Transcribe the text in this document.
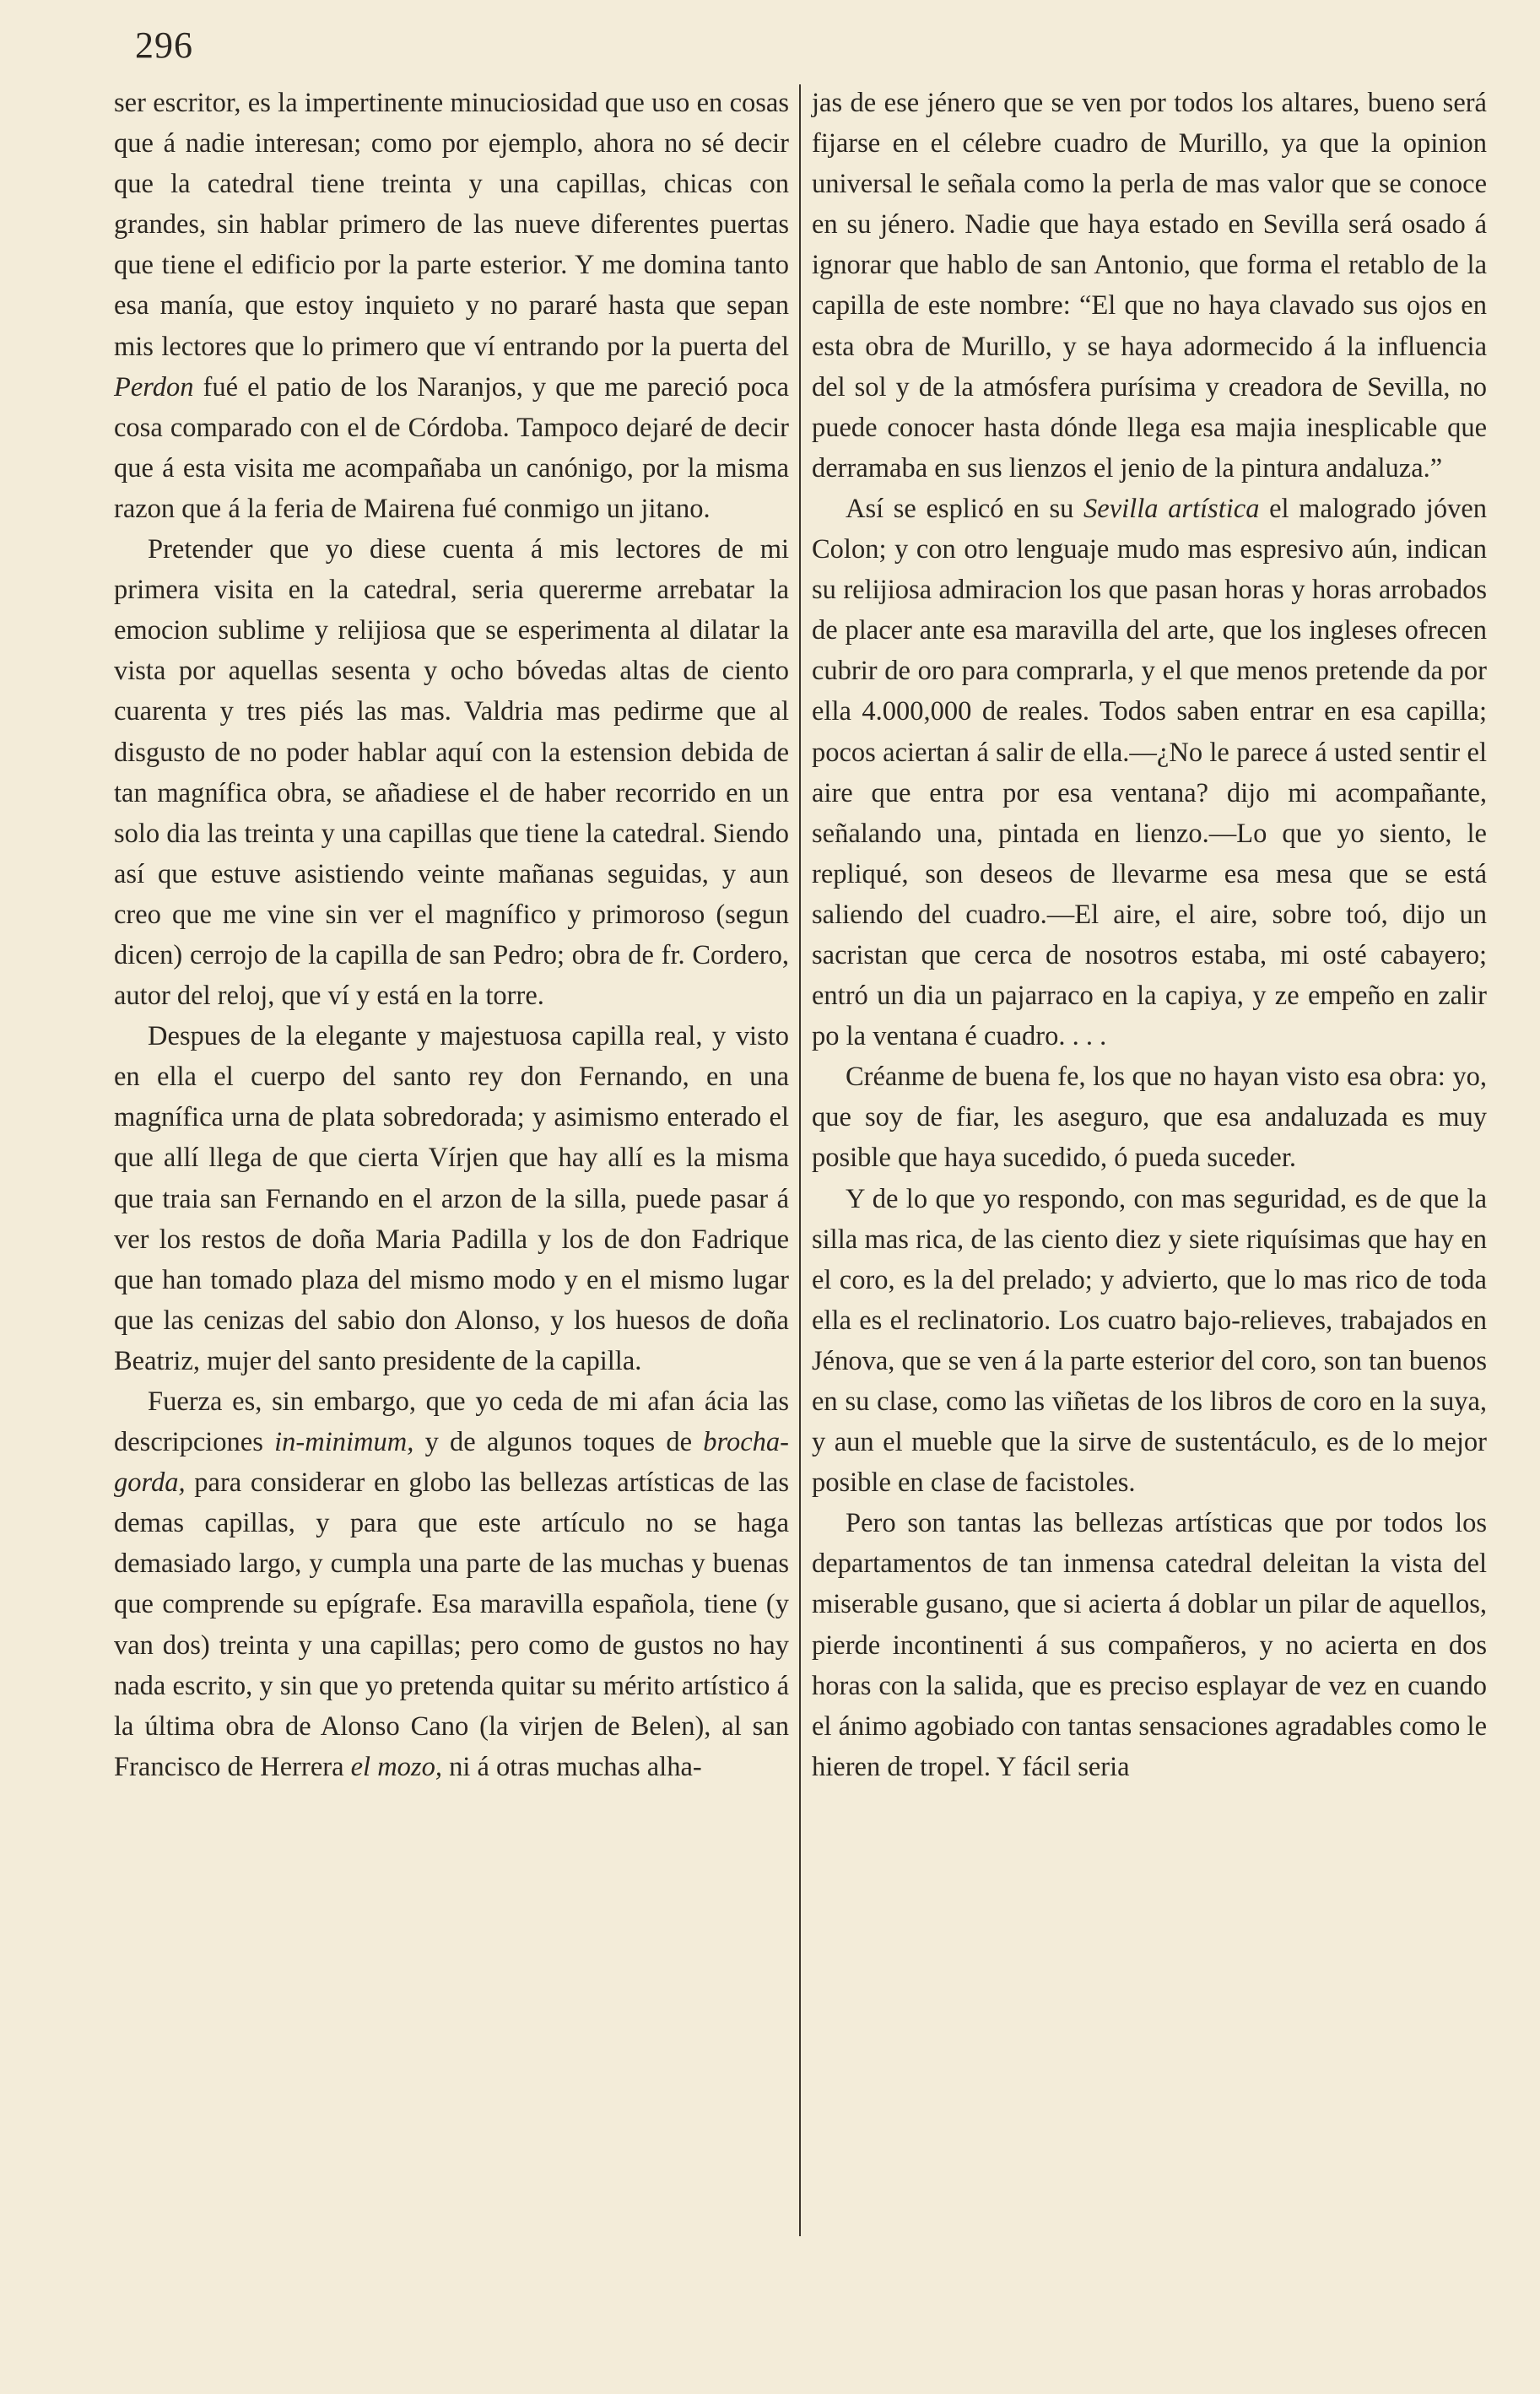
296

ser escritor, es la impertinente minuciosidad que uso en cosas que á nadie interesan; como por ejemplo, ahora no sé decir que la catedral tiene treinta y una capillas, chicas con grandes, sin hablar primero de las nueve diferentes puertas que tiene el edificio por la parte esterior. Y me domina tanto esa manía, que estoy inquieto y no pararé hasta que sepan mis lectores que lo primero que ví entrando por la puerta del Perdon fué el patio de los Naranjos, y que me pareció poca cosa comparado con el de Córdoba. Tampoco dejaré de decir que á esta visita me acompañaba un canónigo, por la misma razon que á la feria de Mairena fué conmigo un jitano.

Pretender que yo diese cuenta á mis lectores de mi primera visita en la catedral, seria quererme arrebatar la emocion sublime y relijiosa que se esperimenta al dilatar la vista por aquellas sesenta y ocho bóvedas altas de ciento cuarenta y tres piés las mas. Valdria mas pedirme que al disgusto de no poder hablar aquí con la estension debida de tan magnífica obra, se añadiese el de haber recorrido en un solo dia las treinta y una capillas que tiene la catedral. Siendo así que estuve asistiendo veinte mañanas seguidas, y aun creo que me vine sin ver el magnífico y primoroso (segun dicen) cerrojo de la capilla de san Pedro; obra de fr. Cordero, autor del reloj, que ví y está en la torre.

Despues de la elegante y majestuosa capilla real, y visto en ella el cuerpo del santo rey don Fernando, en una magnífica urna de plata sobredorada; y asimismo enterado el que allí llega de que cierta Vírjen que hay allí es la misma que traia san Fernando en el arzon de la silla, puede pasar á ver los restos de doña Maria Padilla y los de don Fadrique que han tomado plaza del mismo modo y en el mismo lugar que las cenizas del sabio don Alonso, y los huesos de doña Beatriz, mujer del santo presidente de la capilla.

Fuerza es, sin embargo, que yo ceda de mi afan ácia las descripciones in-minimum, y de algunos toques de brocha-gorda, para considerar en globo las bellezas artísticas de las demas capillas, y para que este artículo no se haga demasiado largo, y cumpla una parte de las muchas y buenas que comprende su epígrafe. Esa maravilla española, tiene (y van dos) treinta y una capillas; pero como de gustos no hay nada escrito, y sin que yo pretenda quitar su mérito artístico á la última obra de Alonso Cano (la virjen de Belen), al san Francisco de Herrera el mozo, ni á otras muchas alha-

jas de ese jénero que se ven por todos los altares, bueno será fijarse en el célebre cuadro de Murillo, ya que la opinion universal le señala como la perla de mas valor que se conoce en su jénero. Nadie que haya estado en Sevilla será osado á ignorar que hablo de san Antonio, que forma el retablo de la capilla de este nombre: “El que no haya clavado sus ojos en esta obra de Murillo, y se haya adormecido á la influencia del sol y de la atmósfera purísima y creadora de Sevilla, no puede conocer hasta dónde llega esa majia inesplicable que derramaba en sus lienzos el jenio de la pintura andaluza.”

Así se esplicó en su Sevilla artística el malogrado jóven Colon; y con otro lenguaje mudo mas espresivo aún, indican su relijiosa admiracion los que pasan horas y horas arrobados de placer ante esa maravilla del arte, que los ingleses ofrecen cubrir de oro para comprarla, y el que menos pretende da por ella 4.000,000 de reales. Todos saben entrar en esa capilla; pocos aciertan á salir de ella.—¿No le parece á usted sentir el aire que entra por esa ventana? dijo mi acompañante, señalando una, pintada en lienzo.—Lo que yo siento, le repliqué, son deseos de llevarme esa mesa que se está saliendo del cuadro.—El aire, el aire, sobre toó, dijo un sacristan que cerca de nosotros estaba, mi osté cabayero; entró un dia un pajarraco en la capiya, y ze empeño en zalir po la ventana é cuadro. . . .

Créanme de buena fe, los que no hayan visto esa obra: yo, que soy de fiar, les aseguro, que esa andaluzada es muy posible que haya sucedido, ó pueda suceder.

Y de lo que yo respondo, con mas seguridad, es de que la silla mas rica, de las ciento diez y siete riquísimas que hay en el coro, es la del prelado; y advierto, que lo mas rico de toda ella es el reclinatorio. Los cuatro bajo-relieves, trabajados en Jénova, que se ven á la parte esterior del coro, son tan buenos en su clase, como las viñetas de los libros de coro en la suya, y aun el mueble que la sirve de sustentáculo, es de lo mejor posible en clase de facistoles.

Pero son tantas las bellezas artísticas que por todos los departamentos de tan inmensa catedral deleitan la vista del miserable gusano, que si acierta á doblar un pilar de aquellos, pierde incontinenti á sus compañeros, y no acierta en dos horas con la salida, que es preciso esplayar de vez en cuando el ánimo agobiado con tantas sensaciones agradables como le hieren de tropel. Y fácil seria
